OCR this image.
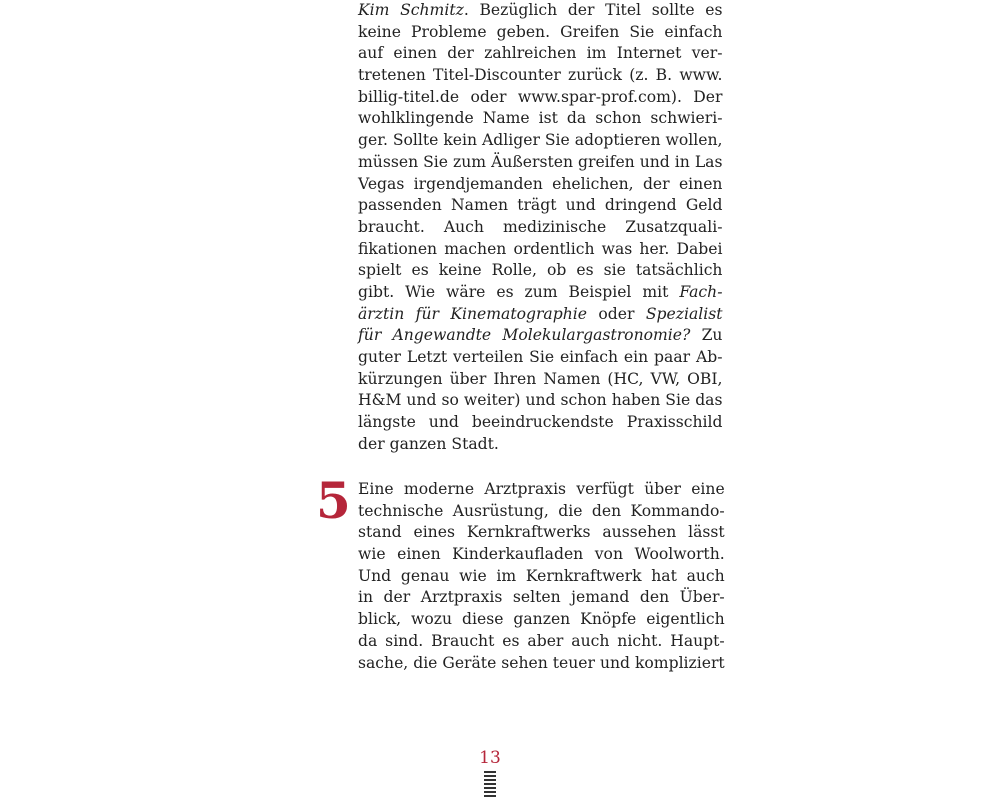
Kim Schmitz. Bezüglich der Titel sollte es
keine Probleme geben. Greifen Sie einfach
auf einen der zahlreichen im Internet ver-
tretenen Titel-Discounter zurück (z. B. www.
billig-titel.de oder www.spar-prof.com). Der
wohlklingende Name ist da schon schwieri-
ger. Sollte kein Adliger Sie adoptieren wollen,
müssen Sie zum Äußersten greifen und in Las
Vegas irgendjemanden ehelichen, der einen
passenden Namen trägt und dringend Geld
braucht. Auch medizinische Zusatzquali-
fikationen machen ordentlich was her. Dabei
spielt es keine Rolle, ob es sie tatsächlich
gibt. Wie wäre es zum Beispiel mit Fach-
ärztin für Kinematographie oder Spezialist
für Angewandte Molekulargastronomie? Zu
guter Letzt verteilen Sie einfach ein paar Ab-
kürzungen über Ihren Namen (HC, VW, OBI,
H&M und so weiter) und schon haben Sie das
längste und beeindruckendste Praxisschild
der ganzen Stadt.
Eine moderne Arztpraxis verfügt über eine
technische Ausrüstung, die den Kommando-
stand eines Kernkraftwerks aussehen lässt
wie einen Kinderkaufladen von Woolworth.
Und genau wie im Kernkraftwerk hat auch
in der Arztpraxis selten jemand den Über-
blick, wozu diese ganzen Knöpfe eigentlich
da sind. Braucht es aber auch nicht. Haupt-
sache, die Geräte sehen teuer und kompliziert
5
13
